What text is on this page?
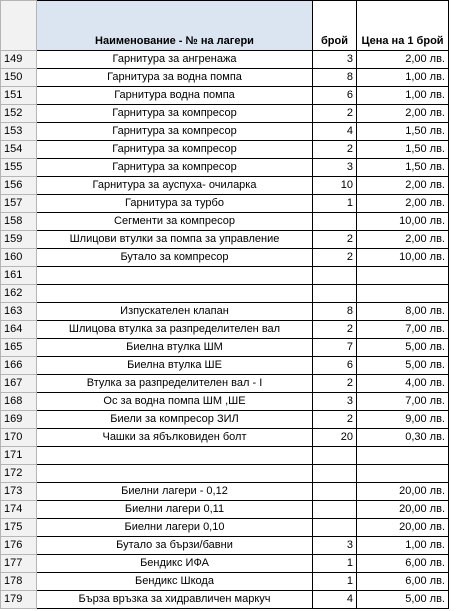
	Наименование - № на лагери	брой	Цена на 1 брой
149	Гарнитура за ангренажа	3	2,00 лв.
150	Гарнитура за водна помпа	8	1,00 лв.
151	Гарнитура водна помпа	6	1,00 лв.
152	Гарнитура за компресор	2	2,00 лв.
153	Гарнитура за компресор	4	1,50 лв.
154	Гарнитура за компресор	2	1,50 лв.
155	Гарнитура за компресор	3	1,50 лв.
156	Гарнитура за ауспуха- очиларка	10	2,00 лв.
157	Гарнитура за турбо	1	2,00 лв.
158	Сегменти за компресор		10,00 лв.
159	Шлицови втулки за помпа за управление	2	2,00 лв.
160	Бутало за компресор	2	10,00 лв.
161			
162			
163	Изпускателен клапан	8	8,00 лв.
164	Шлицова втулка за разпределителен вал	2	7,00 лв.
165	Биелна втулка ШМ	7	5,00 лв.
166	Биелна втулка ШЕ	6	5,00 лв.
167	Втулка за разпределителен вал - I	2	4,00 лв.
168	Ос за водна помпа ШМ ,ШЕ	3	7,00 лв.
169	Биели за компресор ЗИЛ	2	9,00 лв.
170	Чашки за ябълковиден болт	20	0,30 лв.
171			
172			
173	Биелни лагери - 0,12		20,00 лв.
174	Биелни лагери 0,11		20,00 лв.
175	Биелни лагери 0,10		20,00 лв.
176	Бутало за бързи/бавни	3	1,00 лв.
177	Бендикс ИФА	1	6,00 лв.
178	Бендикс Шкода	1	6,00 лв.
179	Бърза връзка за хидравличен маркуч	4	5,00 лв.
